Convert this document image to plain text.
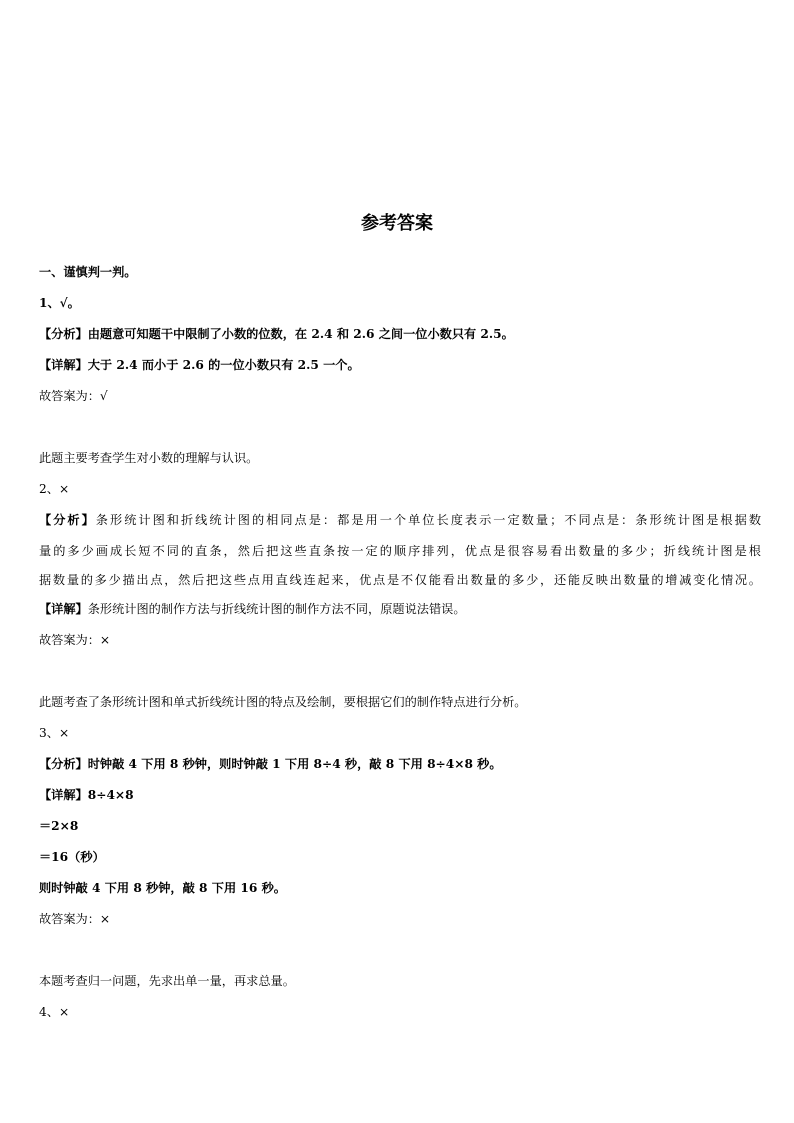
参考答案
一、谨慎判一判。
1、√。
【分析】由题意可知题干中限制了小数的位数，在 2.4 和 2.6 之间一位小数只有 2.5。
【详解】大于 2.4 而小于 2.6 的一位小数只有 2.5 一个。
故答案为：√
此题主要考查学生对小数的理解与认识。
2、×
【分析】条形统计图和折线统计图的相同点是：都是用一个单位长度表示一定数量；不同点是：条形统计图是根据数
量的多少画成长短不同的直条，然后把这些直条按一定的顺序排列，优点是很容易看出数量的多少；折线统计图是根
据数量的多少描出点，然后把这些点用直线连起来，优点是不仅能看出数量的多少，还能反映出数量的增减变化情况。
【详解】条形统计图的制作方法与折线统计图的制作方法不同，原题说法错误。
故答案为：×
此题考查了条形统计图和单式折线统计图的特点及绘制，要根据它们的制作特点进行分析。
3、×
【分析】时钟敲 4 下用 8 秒钟，则时钟敲 1 下用 8÷4 秒，敲 8 下用 8÷4×8 秒。
【详解】8÷4×8
＝2×8
＝16（秒）
则时钟敲 4 下用 8 秒钟，敲 8 下用 16 秒。
故答案为：×
本题考查归一问题，先求出单一量，再求总量。
4、×
